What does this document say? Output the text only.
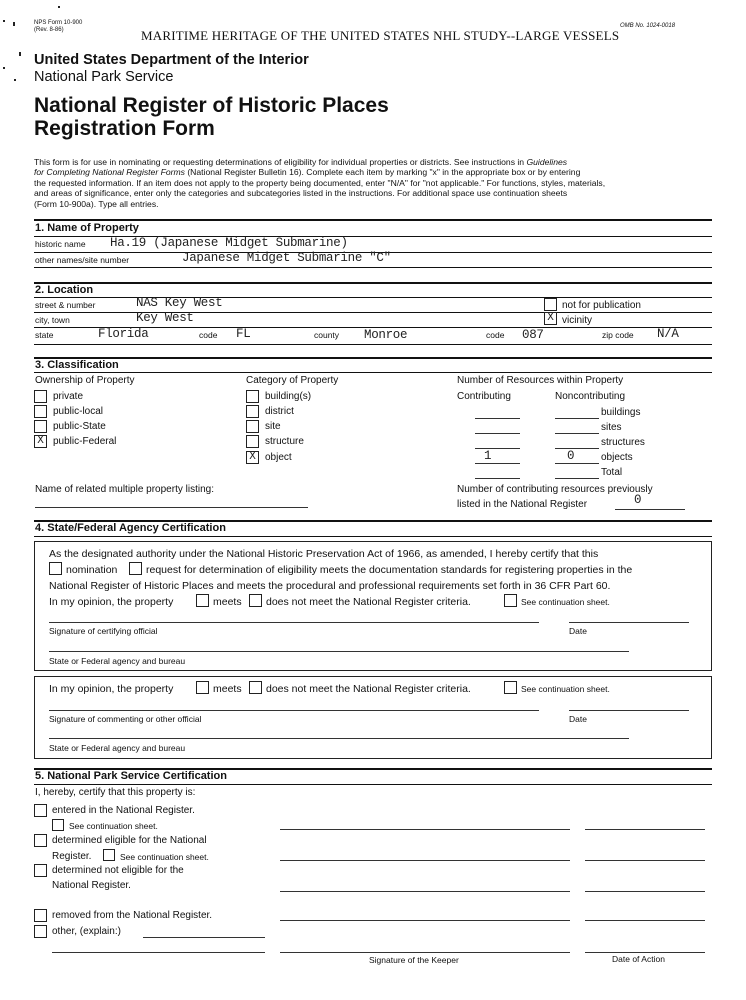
NPS Form 10-900
(Rev. 8-86)	MARITIME HERITAGE OF THE UNITED STATES NHL STUDY--LARGE VESSELS
OMB No. 1024-0018
United States Department of the Interior
National Park Service
National Register of Historic Places
Registration Form
This form is for use in nominating or requesting determinations of eligibility for individual properties or districts. See instructions in Guidelines
for Completing National Register Forms (National Register Bulletin 16). Complete each item by marking "x" in the appropriate box or by entering
the requested information. If an item does not apply to the property being documented, enter "N/A" for "not applicable." For functions, styles, materials,
and areas of significance, enter only the categories and subcategories listed in the instructions. For additional space use continuation sheets
(Form 10-900a). Type all entries.
1. Name of Property
historic name Ha.19 (Japanese Midget Submarine)
other names/site number	Japanese Midget Submarine "C"
2. Location
street & number	NAS Key West	not for publication
city, town	Key West	X vicinity
state	Florida	code FL	county Monroe	code 087	zip code N/A
3. Classification
Ownership of Property
private
public-local
public-State
X public-Federal
Category of Property
building(s)
district
site
structure
X object
Number of Resources within Property
Contributing	Noncontributing
buildings
sites
structures
1	0	objects
Total
Name of related multiple property listing:	Number of contributing resources previously
listed in the National Register	0
4. State/Federal Agency Certification
As the designated authority under the National Historic Preservation Act of 1966, as amended, I hereby certify that this
nomination	request for determination of eligibility meets the documentation standards for registering properties in the
National Register of Historic Places and meets the procedural and professional requirements set forth in 36 CFR Part 60.
In my opinion, the property	meets does not meet the National Register criteria.	See continuation sheet.
Signature of certifying official	Date
State or Federal agency and bureau
In my opinion, the property	meets does not meet the National Register criteria.	See continuation sheet.
Signature of commenting or other official	Date
State or Federal agency and bureau
5. National Park Service Certification
I, hereby, certify that this property is:
entered in the National Register.
See continuation sheet.
determined eligible for the National
Register.	See continuation sheet.
determined not eligible for the
National Register.
removed from the National Register.
other, (explain:)
Signature of the Keeper	Date of Action
